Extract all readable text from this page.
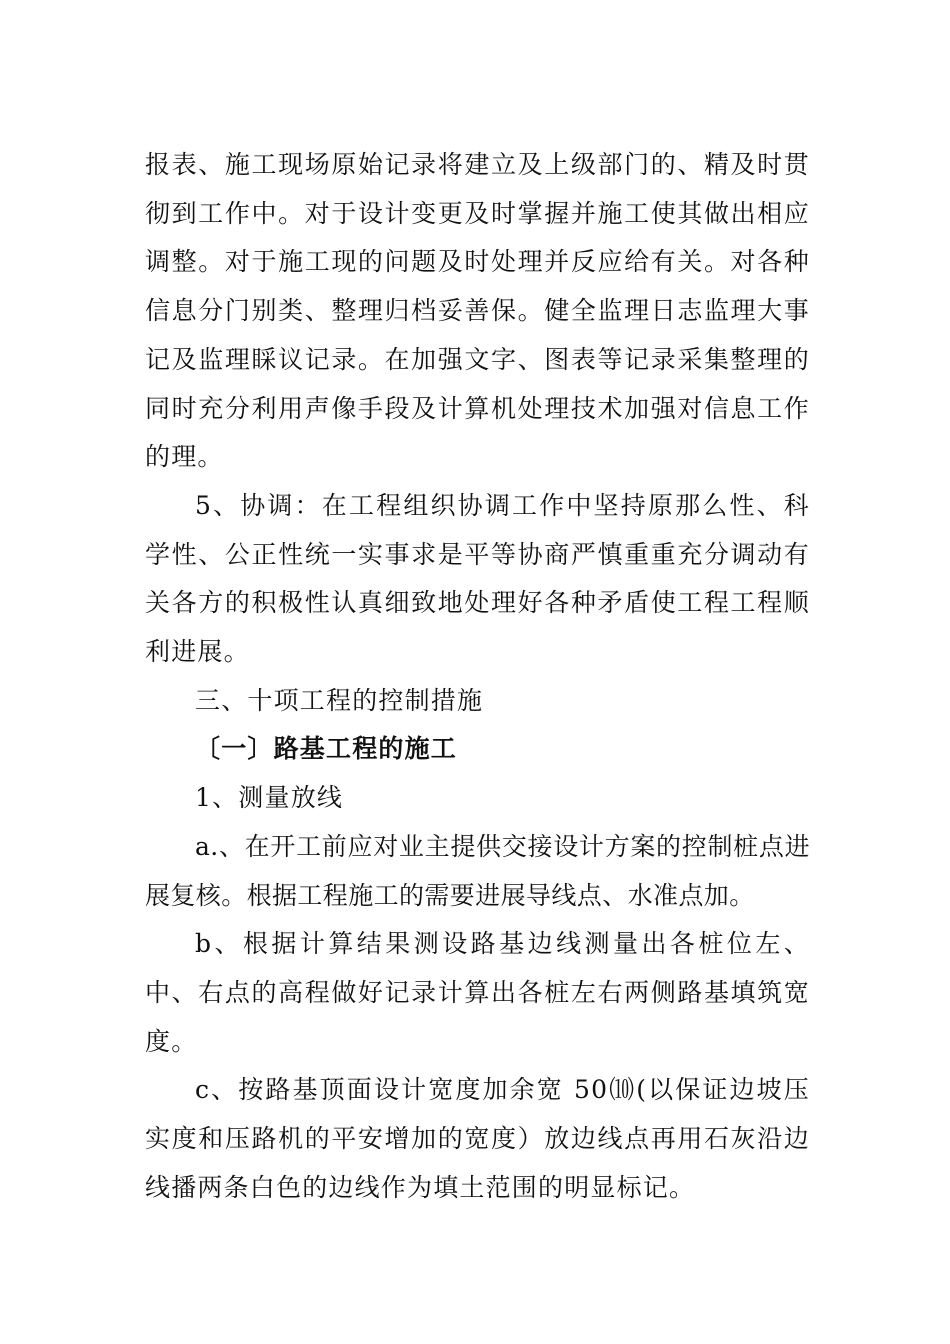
报表、施工现场原始记录将建立及上级部门的、精及时贯彻到工作中。对于设计变更及时掌握并施工使其做出相应调整。对于施工现的问题及时处理并反应给有关。对各种信息分门别类、整理归档妥善保。健全监理日志监理大事记及监理睬议记录。在加强文字、图表等记录采集整理的同时充分利用声像手段及计算机处理技术加强对信息工作的理。

5、协调：在工程组织协调工作中坚持原那么性、科学性、公正性统一实事求是平等协商严慎重重充分调动有关各方的积极性认真细致地处理好各种矛盾使工程工程顺利进展。

三、十项工程的控制措施

〔一〕路基工程的施工

1、测量放线

a.、在开工前应对业主提供交接设计方案的控制桩点进展复核。根据工程施工的需要进展导线点、水准点加。

b、根据计算结果测设路基边线测量出各桩位左、中、右点的高程做好记录计算出各桩左右两侧路基填筑宽度。

c、按路基顶面设计宽度加余宽 50⑽(以保证边坡压实度和压路机的平安增加的宽度）放边线点再用石灰沿边线播两条白色的边线作为填土范围的明显标记。
